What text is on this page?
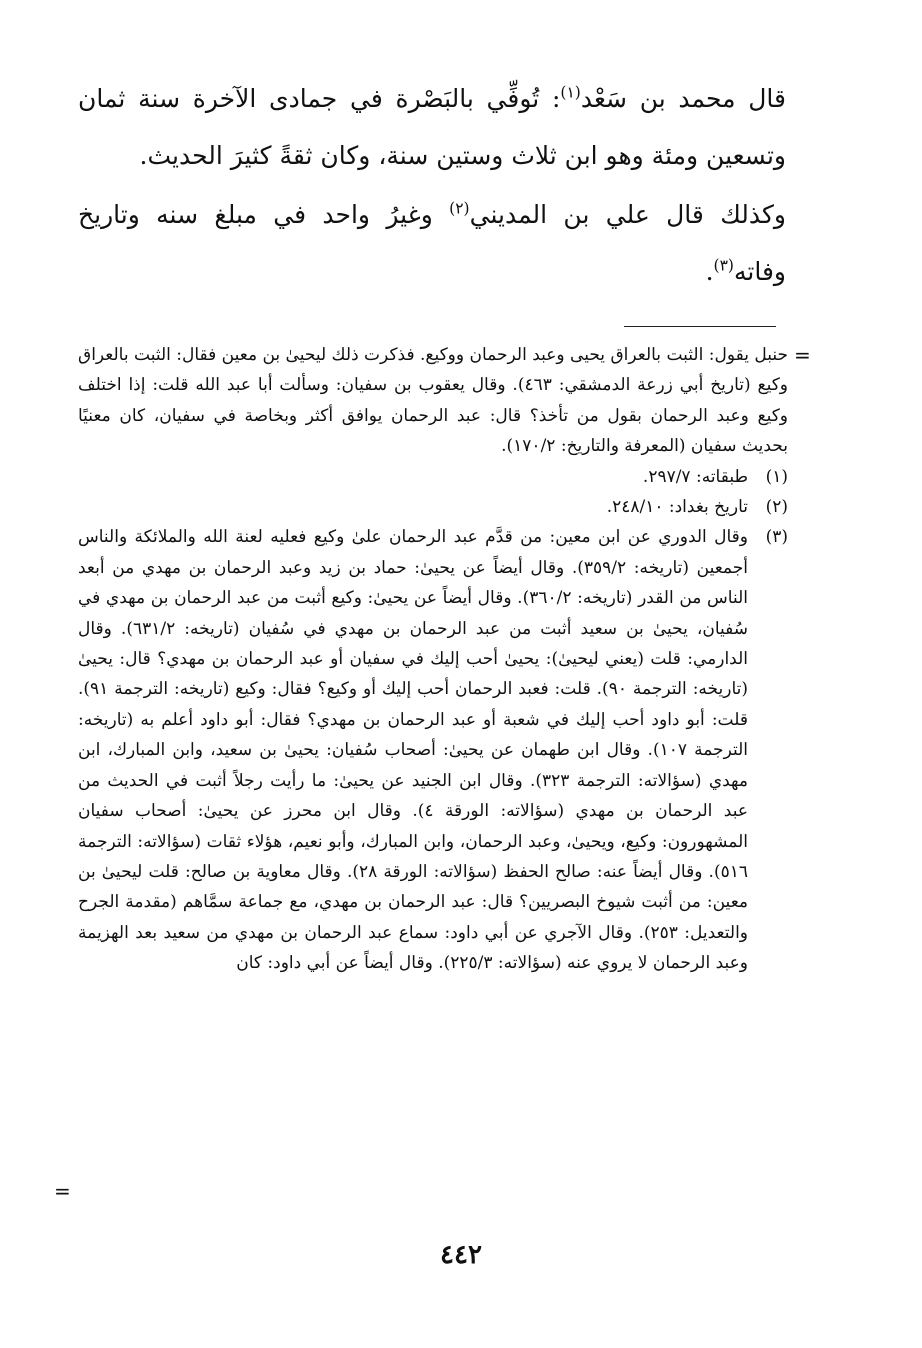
قال محمد بن سَعْد$^{(١)}$: تُوفِّي بالبَصْرة في جمادى الآخرة سنة ثمان وتسعين ومئة وهو ابن ثلاث وستين سنة، وكان ثقةً كثيرَ الحديث.

وكذلك قال علي بن المديني$^{(٢)}$ وغيرُ واحد في مبلغ سنه وتاريخ وفاته$^{(٣)}$.

=
حنبل يقول: الثبت بالعراق يحيى وعبد الرحمان ووكيع. فذكرت ذلك ليحيىٰ بن معين فقال: الثبت بالعراق وكيع (تاريخ أبي زرعة الدمشقي: ٤٦٣). وقال يعقوب بن سفيان: وسألت أبا عبد الله قلت: إذا اختلف وكيع وعبد الرحمان بقول من تأخذ؟ قال: عبد الرحمان يوافق أكثر وبخاصة في سفيان، كان معنيًا بحديث سفيان (المعرفة والتاريخ: ١٧٠/٢).
(١)
طبقاته: ٢٩٧/٧.
(٢)
تاريخ بغداد: ٢٤٨/١٠.
(٣)
وقال الدوري عن ابن معين: من قدَّم عبد الرحمان علىٰ وكيع فعليه لعنة الله والملائكة والناس أجمعين (تاريخه: ٣٥٩/٢). وقال أيضاً عن يحيىٰ: حماد بن زيد وعبد الرحمان بن مهدي من أبعد الناس من القدر (تاريخه: ٣٦٠/٢). وقال أيضاً عن يحيىٰ: وكيع أثبت من عبد الرحمان بن مهدي في سُفيان، يحيىٰ بن سعيد أثبت من عبد الرحمان بن مهدي في سُفيان (تاريخه: ٦٣١/٢). وقال الدارمي: قلت (يعني ليحيىٰ): يحيىٰ أحب إليك في سفيان أو عبد الرحمان بن مهدي؟ قال: يحيىٰ (تاريخه: الترجمة ٩٠). قلت: فعبد الرحمان أحب إليك أو وكيع؟ فقال: وكيع (تاريخه: الترجمة ٩١). قلت: أبو داود أحب إليك في شعبة أو عبد الرحمان بن مهدي؟ فقال: أبو داود أعلم به (تاريخه: الترجمة ١٠٧). وقال ابن طهمان عن يحيىٰ: أصحاب سُفيان: يحيىٰ بن سعيد، وابن المبارك، ابن مهدي (سؤالاته: الترجمة ٣٢٣). وقال ابن الجنيد عن يحيىٰ: ما رأيت رجلاً أثبت في الحديث من عبد الرحمان بن مهدي (سؤالاته: الورقة ٤). وقال ابن محرز عن يحيىٰ: أصحاب سفيان المشهورون: وكيع، ويحيىٰ، وعبد الرحمان، وابن المبارك، وأبو نعيم، هؤلاء ثقات (سؤالاته: الترجمة ٥١٦). وقال أيضاً عنه: صالح الحفظ (سؤالاته: الورقة ٢٨). وقال معاوية بن صالح: قلت ليحيىٰ بن معين: من أثبت شيوخ البصريين؟ قال: عبد الرحمان بن مهدي، مع جماعة سمَّاهم (مقدمة الجرح والتعديل: ٢٥٣). وقال الآجري عن أبي داود: سماع عبد الرحمان بن مهدي من سعيد بعد الهزيمة وعبد الرحمان لا يروي عنه (سؤالاته: ٢٢٥/٣). وقال أيضاً عن أبي داود: كان
=
٤٤٢
